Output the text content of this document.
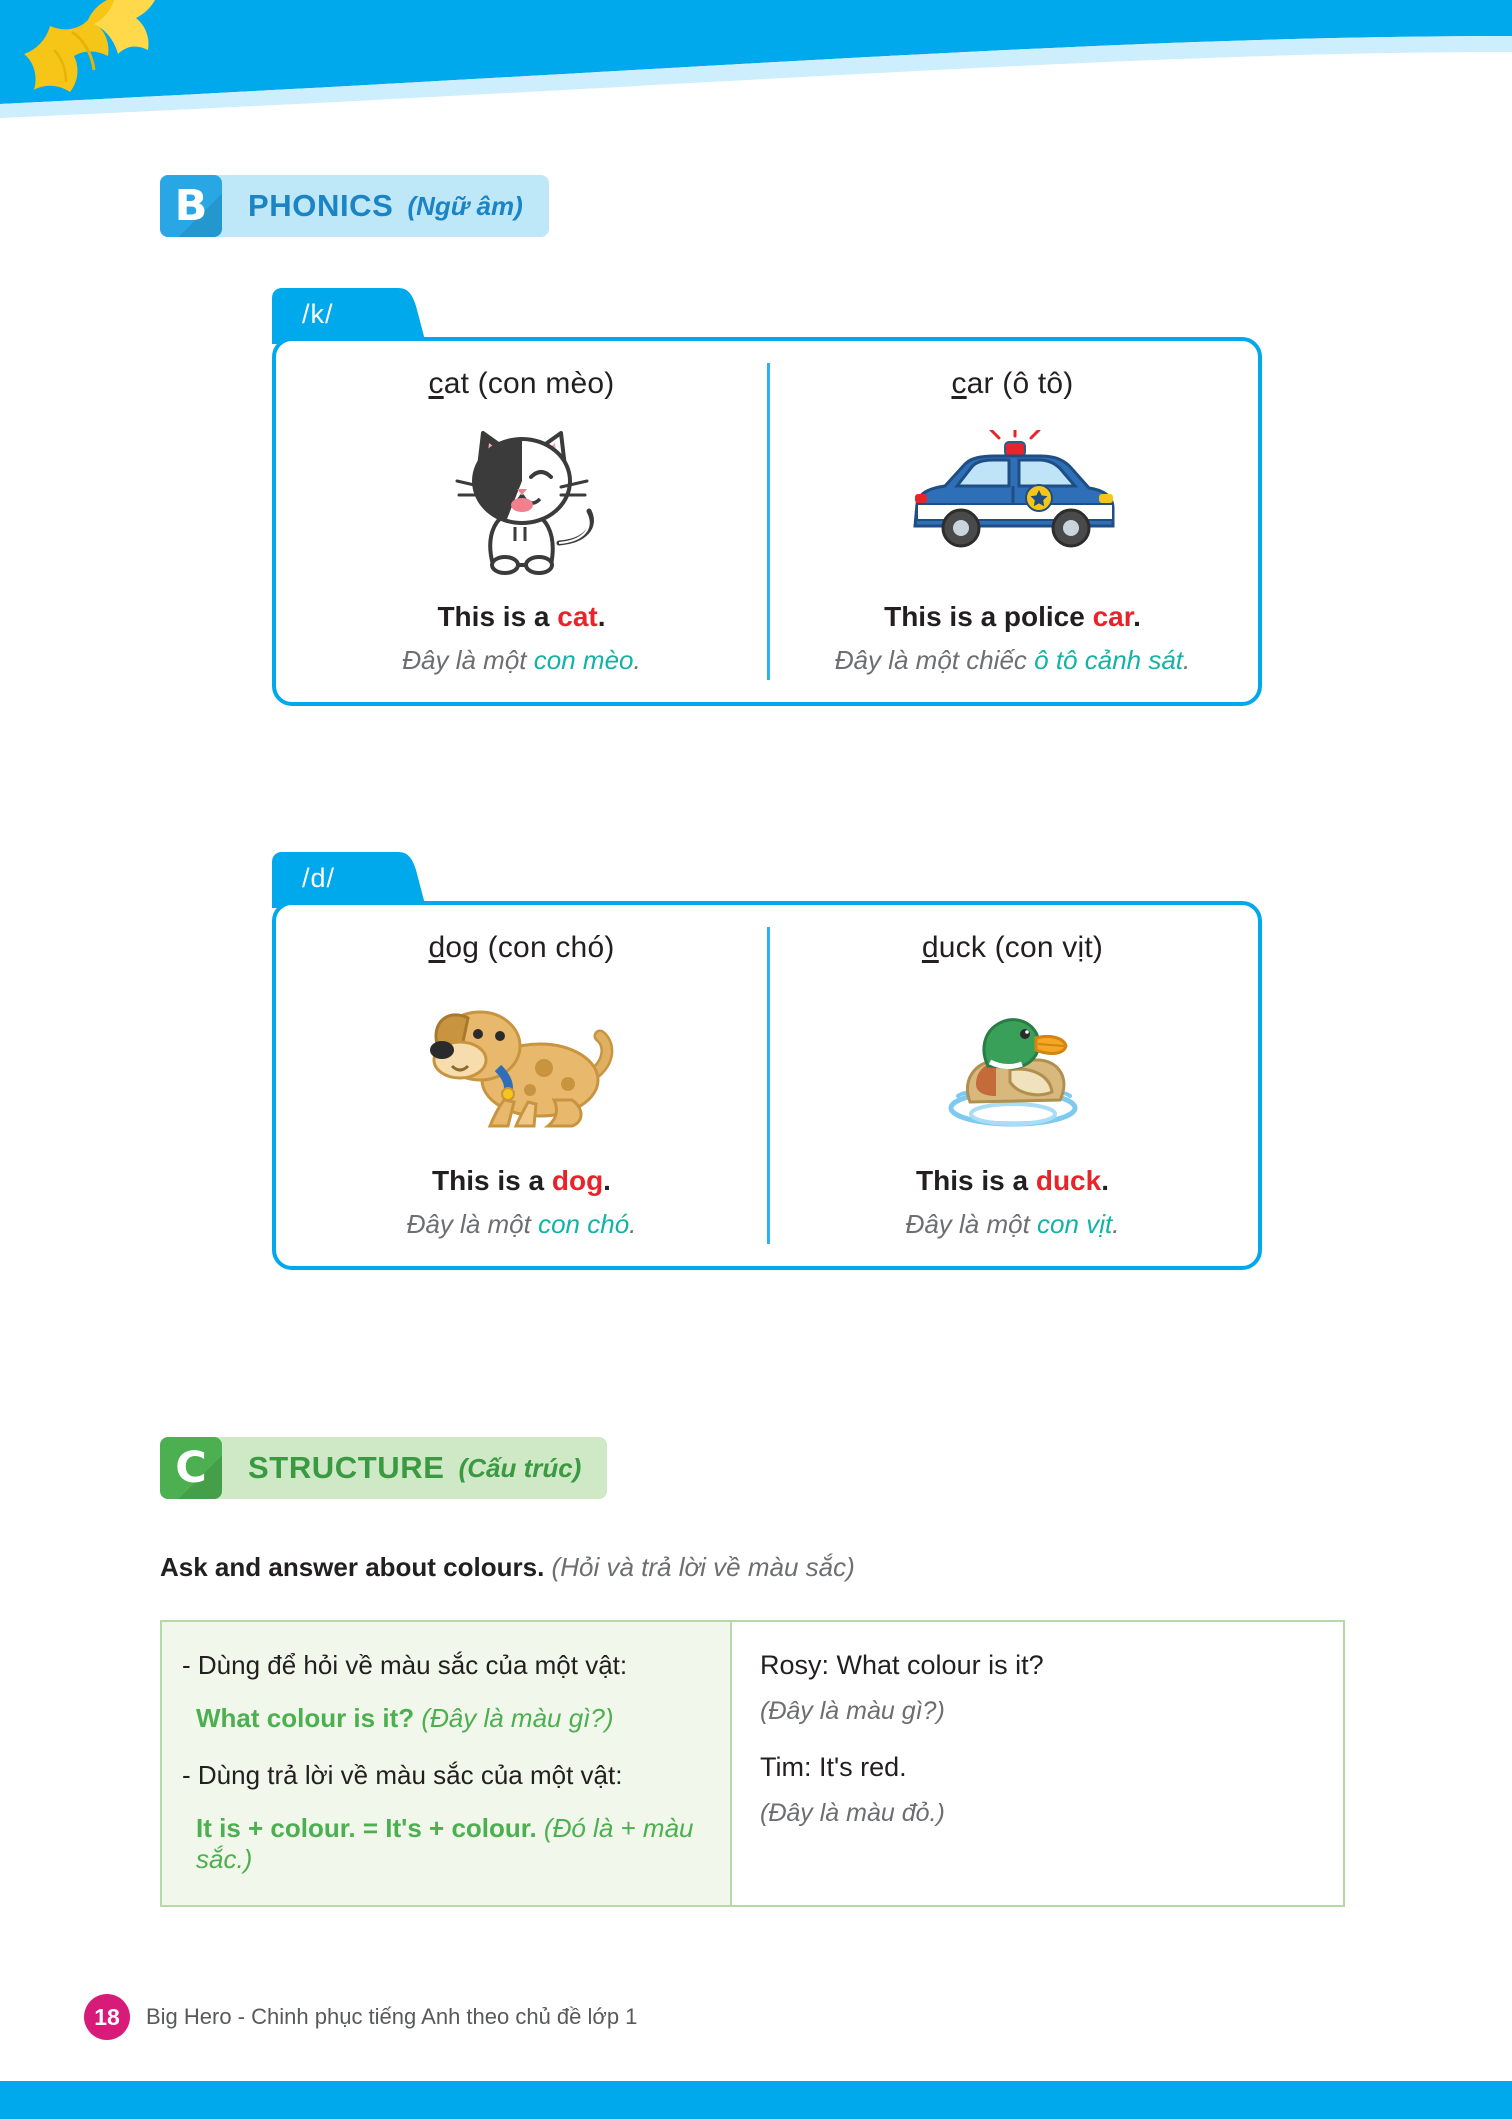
B PHONICS (Ngữ âm)
/k/
cat (con mèo)
This is a cat.
Đây là một con mèo.
car (ô tô)
This is a police car.
Đây là một chiếc ô tô cảnh sát.
/d/
dog (con chó)
This is a dog.
Đây là một con chó.
duck (con vịt)
This is a duck.
Đây là một con vịt.
C STRUCTURE (Cấu trúc)
Ask and answer about colours. (Hỏi và trả lời về màu sắc)
- Dùng để hỏi về màu sắc của một vật:
What colour is it? (Đây là màu gì?)
- Dùng trả lời về màu sắc của một vật:
It is + colour. = It's + colour. (Đó là + màu sắc.)
Rosy: What colour is it?
(Đây là màu gì?)
Tim: It's red.
(Đây là màu đỏ.)
18	Big Hero - Chinh phục tiếng Anh theo chủ đề lớp 1
